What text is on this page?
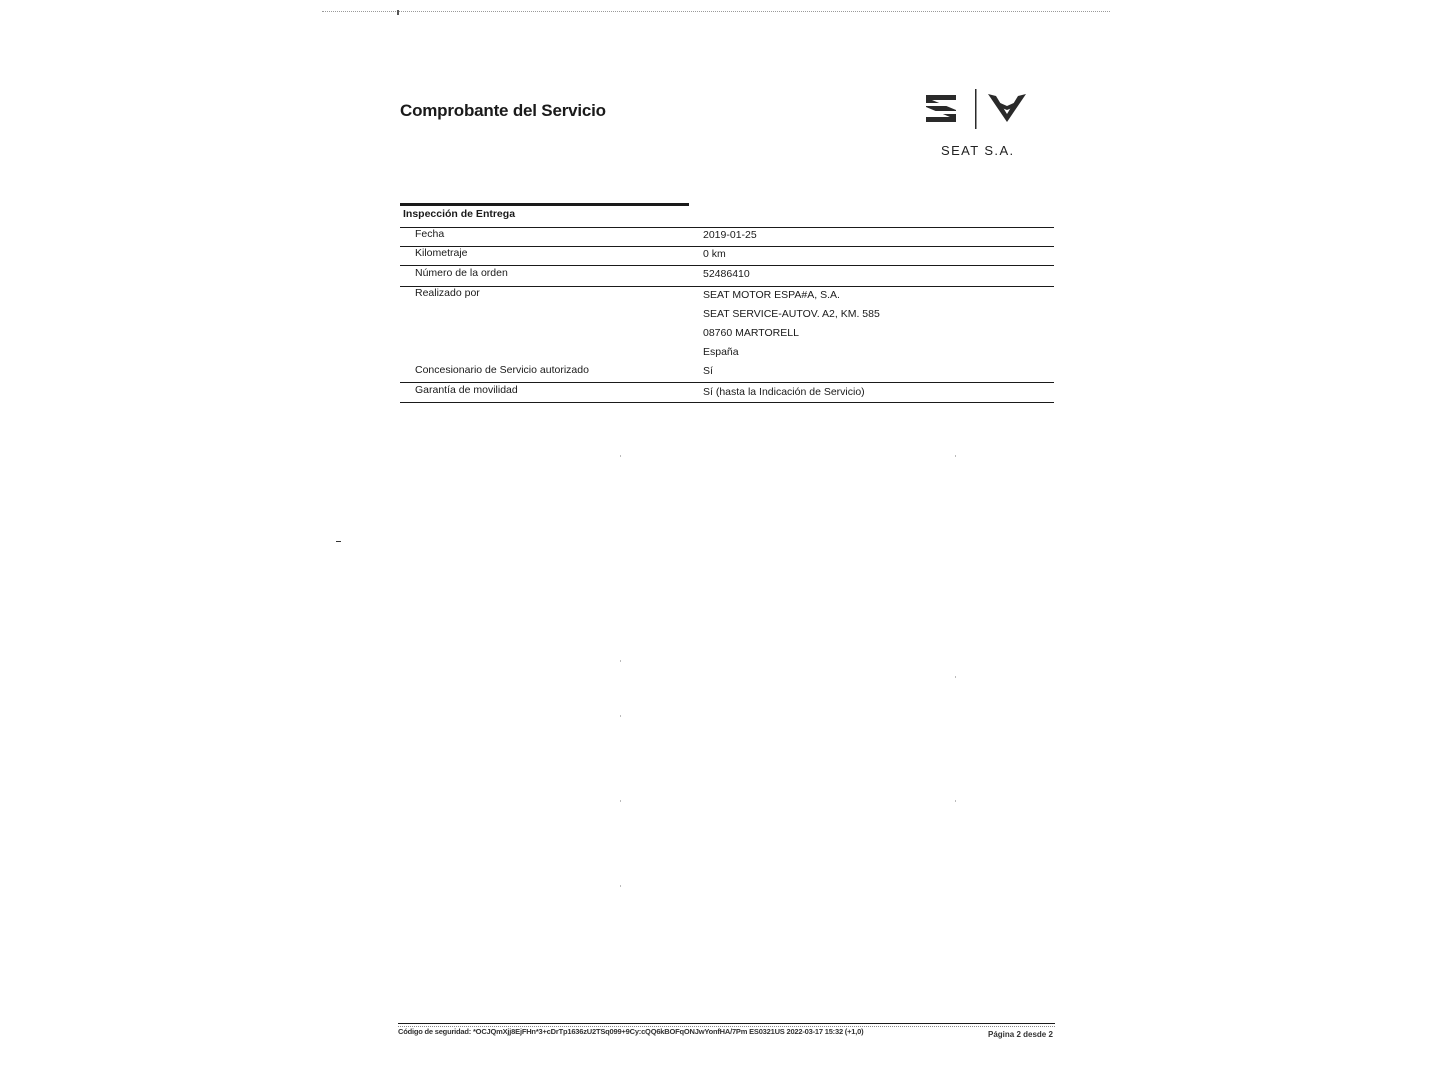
Comprobante del Servicio
SEAT S.A.
Inspección de Entrega
Fecha	2019-01-25
Kilometraje	0 km
Número de la orden	52486410
Realizado por	SEAT MOTOR ESPA#A, S.A.
SEAT SERVICE-AUTOV. A2, KM. 585
08760 MARTORELL
España
Concesionario de Servicio autorizado	Sí
Garantía de movilidad	Sí (hasta la Indicación de Servicio)
Código de seguridad: *OCJQmXjj8EjFHn*3+cDrTp1636zU2TSq099+9Cy:cQQ6kBOFqONJwYonfHA/7Pm ES0321US 2022-03-17 15:32 (+1,0)	Página 2 desde 2
